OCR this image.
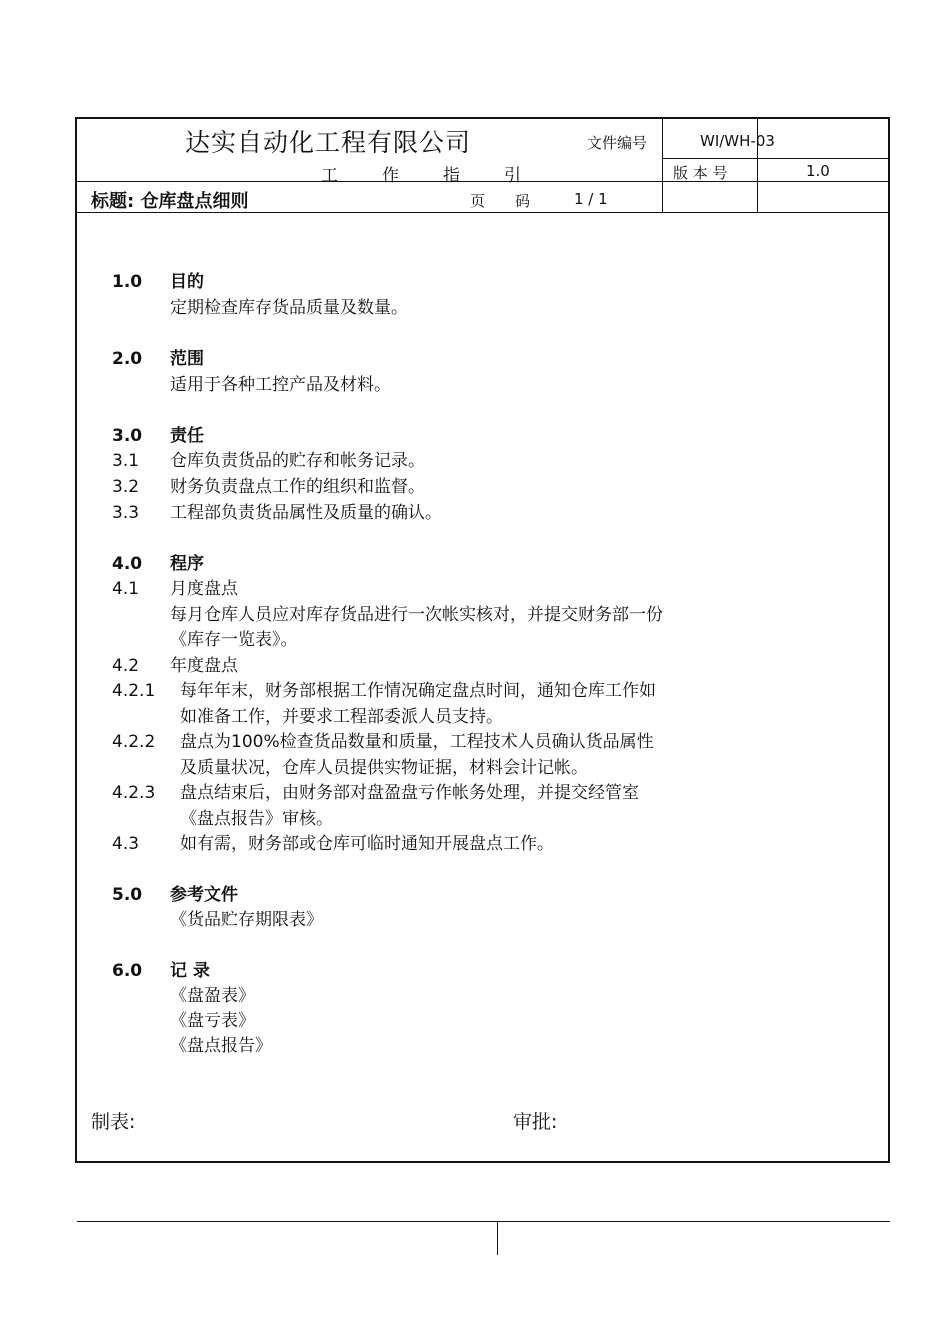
达实自动化工程有限公司
工作指引
文件编号	WI/WH-03
版 本 号	1.0
标题: 仓库盘点细则	页　　码	1 / 1
1.0 目的
定期检查库存货品质量及数量。
2.0 范围
适用于各种工控产品及材料。
3.0 责任
3.1 仓库负责货品的贮存和帐务记录。
3.2 财务负责盘点工作的组织和监督。
3.3 工程部负责货品属性及质量的确认。
4.0 程序
4.1 月度盘点
每月仓库人员应对库存货品进行一次帐实核对，并提交财务部一份
《库存一览表》。
4.2 年度盘点
4.2.1 每年年末，财务部根据工作情况确定盘点时间，通知仓库工作如
如准备工作，并要求工程部委派人员支持。
4.2.2 盘点为100%检查货品数量和质量，工程技术人员确认货品属性
及质量状况，仓库人员提供实物证据，材料会计记帐。
4.2.3 盘点结束后，由财务部对盘盈盘亏作帐务处理，并提交经管室
《盘点报告》审核。
4.3 如有需，财务部或仓库可临时通知开展盘点工作。
5.0 参考文件
《货品贮存期限表》
6.0 记 录
《盘盈表》
《盘亏表》
《盘点报告》
制表:	审批:
